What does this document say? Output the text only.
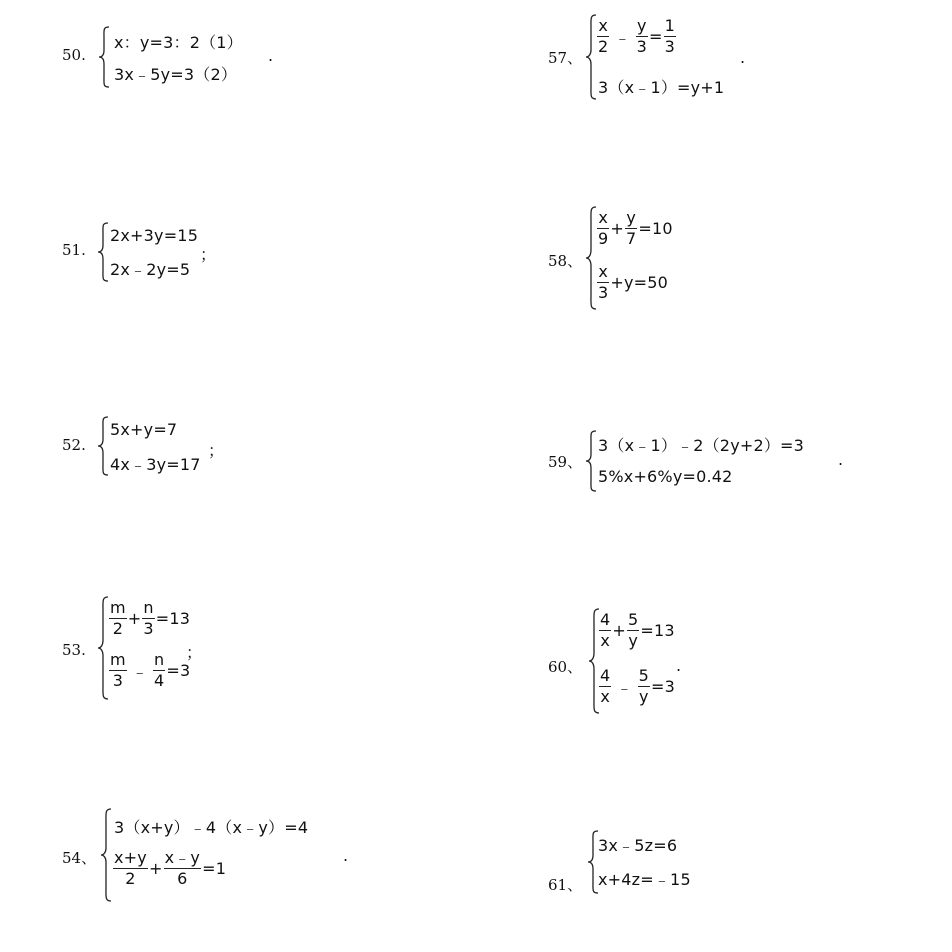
50.
x：y=3：2（1）
3x﹣5y=3（2）
.
51.
2x+3y=15
2x﹣2y=5
；
52.
5x+y=7
4x﹣3y=17
；
53.
$\frac{m}{2} + \frac{n}{3} =13$
$\frac{m}{3}$ ﹣ $\frac{n}{4} =3$
；
54、
3（x+y）﹣4（x﹣y）=4
$\frac{x+y}{2} + \frac{x﹣y}{6} =1$
.
57、
$\frac{x}{2}$ ﹣ $\frac{y}{3} = \frac{1}{3}$
3（x﹣1）=y+1
.
58、
$\frac{x}{9} + \frac{y}{7} =10$
$\frac{x}{3} +y=50$
59、
3（x﹣1）﹣2（2y+2）=3
5%x+6%y=0.42
.
60、
$\frac{4}{x} + \frac{5}{y} =13$
$\frac{4}{x}$ ﹣ $\frac{5}{y} =3$
.
61、
3x﹣5z=6
x+4z=﹣15
